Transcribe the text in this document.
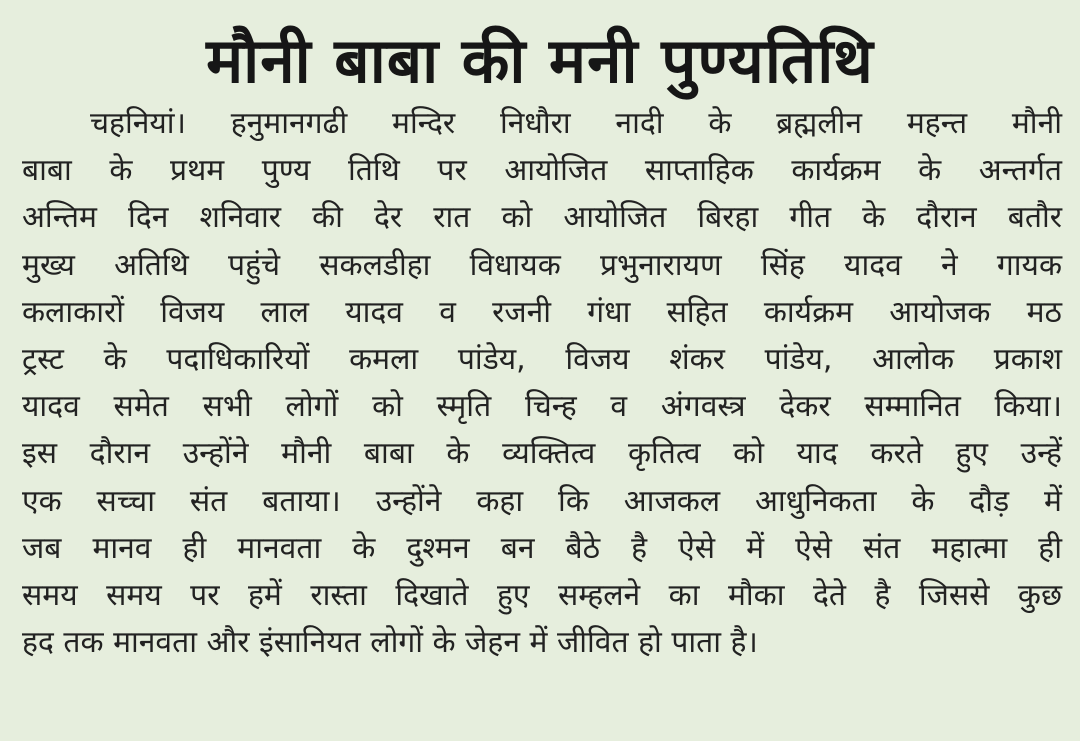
मौनी बाबा की मनी पुण्यतिथि
चहनियां। हनुमानगढी मन्दिर निधौरा नादी के ब्रह्मलीन महन्त मौनी
बाबा के प्रथम पुण्य तिथि पर आयोजित साप्ताहिक कार्यक्रम के अन्तर्गत
अन्तिम दिन शनिवार की देर रात को आयोजित बिरहा गीत के दौरान बतौर
मुख्य अतिथि पहुंचे सकलडीहा विधायक प्रभुनारायण सिंह यादव ने गायक
कलाकारों विजय लाल यादव व रजनी गंधा सहित कार्यक्रम आयोजक मठ
ट्रस्ट के पदाधिकारियों कमला पांडेय, विजय शंकर पांडेय, आलोक प्रकाश
यादव समेत सभी लोगों को स्मृति चिन्ह व अंगवस्त्र देकर सम्मानित किया।
इस दौरान उन्होंने मौनी बाबा के व्यक्तित्व कृतित्व को याद करते हुए उन्हें
एक सच्चा संत बताया। उन्होंने कहा कि आजकल आधुनिकता के दौड़ में
जब मानव ही मानवता के दुश्मन बन बैठे है ऐसे में ऐसे संत महात्मा ही
समय समय पर हमें रास्ता दिखाते हुए सम्हलने का मौका देते है जिससे कुछ
हद तक मानवता और इंसानियत लोगों के जेहन में जीवित हो पाता है।
